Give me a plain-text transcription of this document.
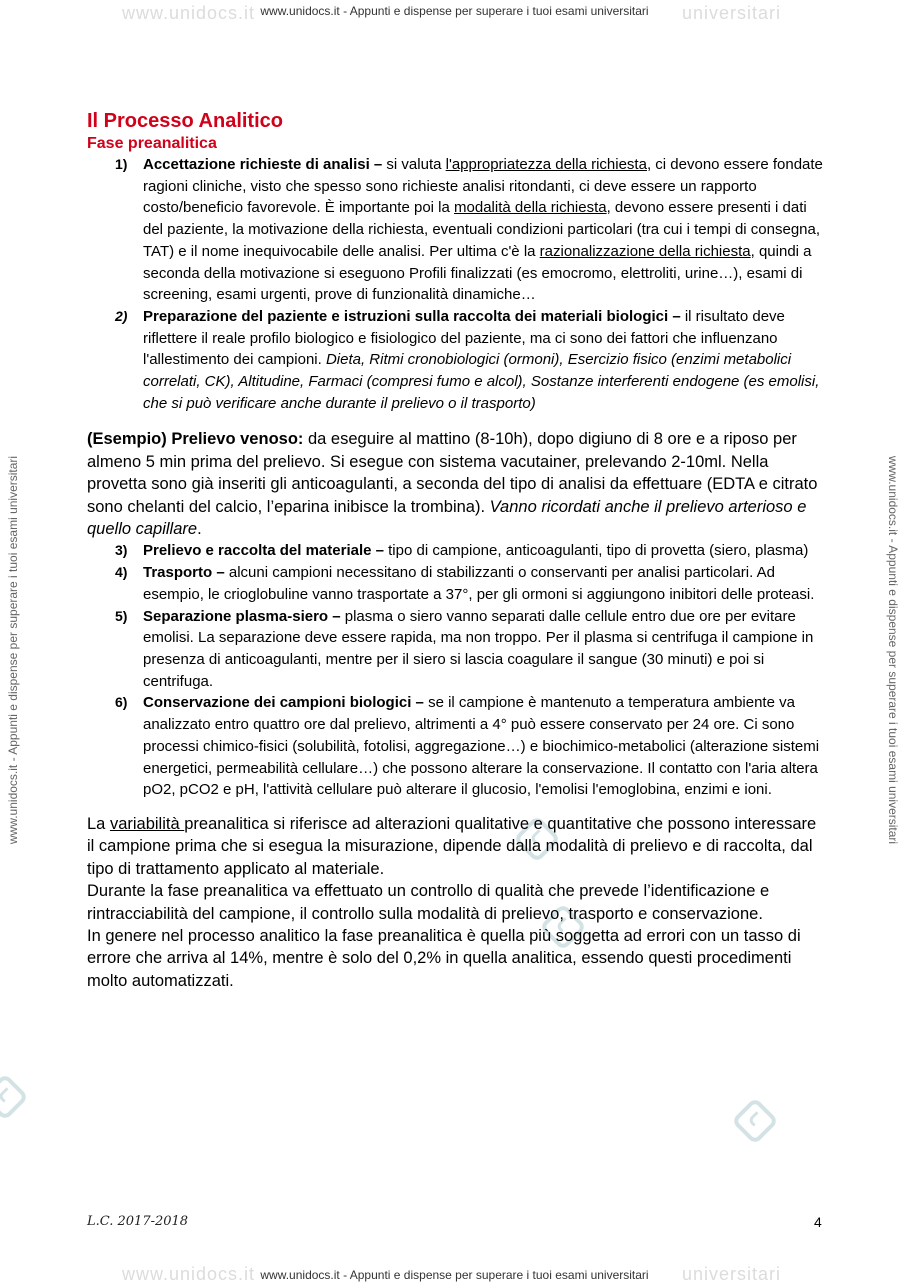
www.unidocs.it	universitari
www.unidocs.it - Appunti e dispense per superare i tuoi esami universitari
www.unidocs.it - Appunti e dispense per superare i tuoi esami universitari	www.unidocs.it - Appunti e dispense per superare i tuoi esami universitari
Il Processo Analitico
Fase preanalitica
1) Accettazione richieste di analisi – si valuta l'appropriatezza della richiesta, ci devono essere fondate ragioni cliniche, visto che spesso sono richieste analisi ritondanti, ci deve essere un rapporto costo/beneficio favorevole. È importante poi la modalità della richiesta, devono essere presenti i dati del paziente, la motivazione della richiesta, eventuali condizioni particolari (tra cui i tempi di consegna, TAT) e il nome inequivocabile delle analisi. Per ultima c'è la razionalizzazione della richiesta, quindi a seconda della motivazione si eseguono Profili finalizzati (es emocromo, elettroliti, urine…), esami di screening, esami urgenti, prove di funzionalità dinamiche…
2) Preparazione del paziente e istruzioni sulla raccolta dei materiali biologici – il risultato deve riflettere il reale profilo biologico e fisiologico del paziente, ma ci sono dei fattori che influenzano l'allestimento dei campioni. Dieta, Ritmi cronobiologici (ormoni), Esercizio fisico (enzimi metabolici correlati, CK), Altitudine, Farmaci (compresi fumo e alcol), Sostanze interferenti endogene (es emolisi, che si può verificare anche durante il prelievo o il trasporto)
(Esempio) Prelievo venoso: da eseguire al mattino (8-10h), dopo digiuno di 8 ore e a riposo per almeno 5 min prima del prelievo. Si esegue con sistema vacutainer, prelevando 2-10ml. Nella provetta sono già inseriti gli anticoagulanti, a seconda del tipo di analisi da effettuare (EDTA e citrato sono chelanti del calcio, l’eparina inibisce la trombina). Vanno ricordati anche il prelievo arterioso e quello capillare.
3) Prelievo e raccolta del materiale – tipo di campione, anticoagulanti, tipo di provetta (siero, plasma)
4) Trasporto – alcuni campioni necessitano di stabilizzanti o conservanti per analisi particolari. Ad esempio, le crioglobuline vanno trasportate a 37°, per gli ormoni si aggiungono inibitori delle proteasi.
5) Separazione plasma-siero – plasma o siero vanno separati dalle cellule entro due ore per evitare emolisi. La separazione deve essere rapida, ma non troppo. Per il plasma si centrifuga il campione in presenza di anticoagulanti, mentre per il siero si lascia coagulare il sangue (30 minuti) e poi si centrifuga.
6) Conservazione dei campioni biologici – se il campione è mantenuto a temperatura ambiente va analizzato entro quattro ore dal prelievo, altrimenti a 4° può essere conservato per 24 ore. Ci sono processi chimico-fisici (solubilità, fotolisi, aggregazione…) e biochimico-metabolici (alterazione sistemi energetici, permeabilità cellulare…) che possono alterare la conservazione. Il contatto con l'aria altera pO2, pCO2 e pH, l'attività cellulare può alterare il glucosio, l'emolisi l'emoglobina, enzimi e ioni.
La variabilità preanalitica si riferisce ad alterazioni qualitative e quantitative che possono interessare il campione prima che si esegua la misurazione, dipende dalla modalità di prelievo e di raccolta, dal tipo di trattamento applicato al materiale.
Durante la fase preanalitica va effettuato un controllo di qualità che prevede l’identificazione e rintracciabilità del campione, il controllo sulla modalità di prelievo, trasporto e conservazione.
In genere nel processo analitico la fase preanalitica è quella più soggetta ad errori con un tasso di errore che arriva al 14%, mentre è solo del 0,2% in quella analitica, essendo questi procedimenti molto automatizzati.
L.C. 2017-2018	4
www.unidocs.it	universitari
www.unidocs.it - Appunti e dispense per superare i tuoi esami universitari
